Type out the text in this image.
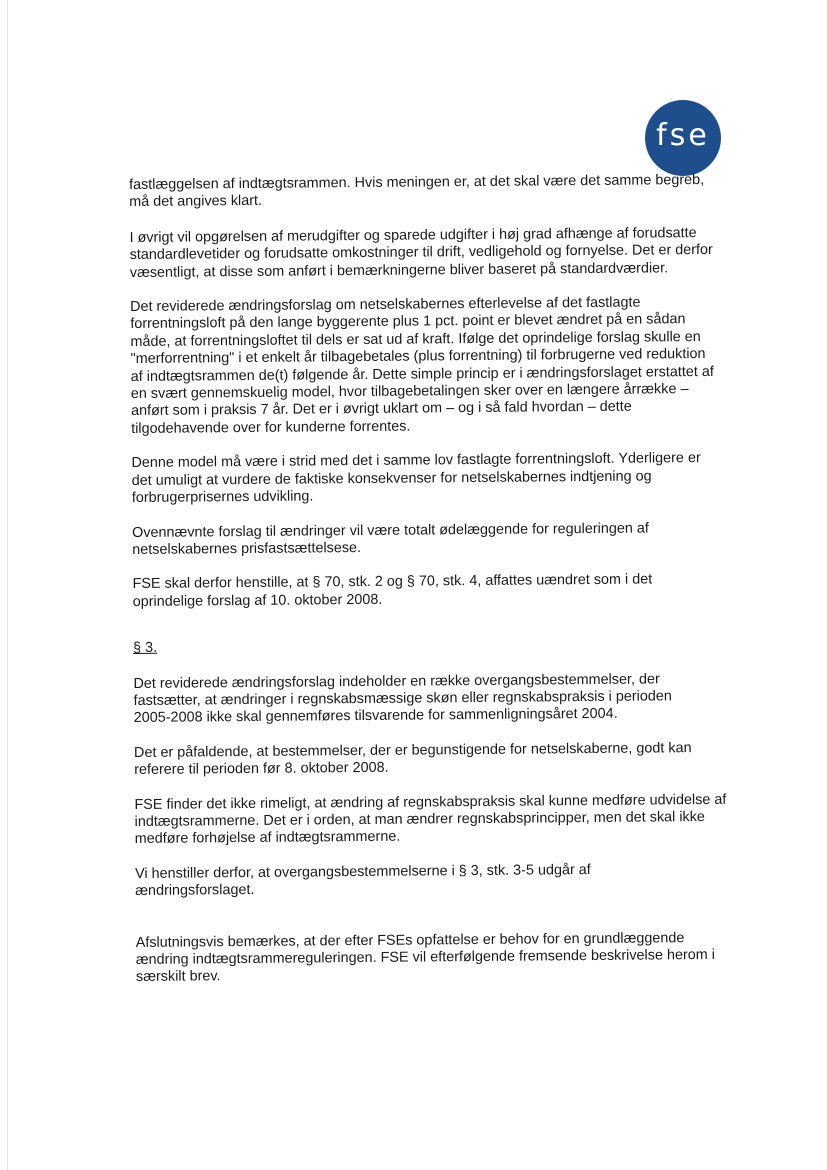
fse

fastlæggelsen af indtægtsrammen. Hvis meningen er, at det skal være det samme begreb, må det angives klart.

I øvrigt vil opgørelsen af merudgifter og sparede udgifter i høj grad afhænge af forudsatte standardlevetider og forudsatte omkostninger til drift, vedligehold og fornyelse. Det er derfor væsentligt, at disse som anført i bemærkningerne bliver baseret på standardværdier.

Det reviderede ændringsforslag om netselskabernes efterlevelse af det fastlagte forrentningsloft på den lange byggerente plus 1 pct. point er blevet ændret på en sådan måde, at forrentningsloftet til dels er sat ud af kraft. Ifølge det oprindelige forslag skulle en "merforrentning" i et enkelt år tilbagebetales (plus forrentning) til forbrugerne ved reduktion af indtægtsrammen de(t) følgende år. Dette simple princip er i ændringsforslaget erstattet af en svært gennemskuelig model, hvor tilbagebetalingen sker over en længere årrække – anført som i praksis 7 år. Det er i øvrigt uklart om – og i så fald hvordan – dette tilgodehavende over for kunderne forrentes.

Denne model må være i strid med det i samme lov fastlagte forrentningsloft. Yderligere er det umuligt at vurdere de faktiske konsekvenser for netselskabernes indtjening og forbrugerprisernes udvikling.

Ovennævnte forslag til ændringer vil være totalt ødelæggende for reguleringen af netselskabernes prisfastsættelsese.

FSE skal derfor henstille, at § 70, stk. 2 og § 70, stk. 4, affattes uændret som i det oprindelige forslag af 10. oktober 2008.

§ 3.

Det reviderede ændringsforslag indeholder en række overgangsbestemmelser, der fastsætter, at ændringer i regnskabsmæssige skøn eller regnskabspraksis i perioden 2005-2008 ikke skal gennemføres tilsvarende for sammenligningsåret 2004.

Det er påfaldende, at bestemmelser, der er begunstigende for netselskaberne, godt kan referere til perioden før 8. oktober 2008.

FSE finder det ikke rimeligt, at ændring af regnskabspraksis skal kunne medføre udvidelse af indtægtsrammerne. Det er i orden, at man ændrer regnskabsprincipper, men det skal ikke medføre forhøjelse af indtægtsrammerne.

Vi henstiller derfor, at overgangsbestemmelserne i § 3, stk. 3-5 udgår af ændringsforslaget.

Afslutningsvis bemærkes, at der efter FSEs opfattelse er behov for en grundlæggende ændring indtægtsrammereguleringen. FSE vil efterfølgende fremsende beskrivelse herom i særskilt brev.
